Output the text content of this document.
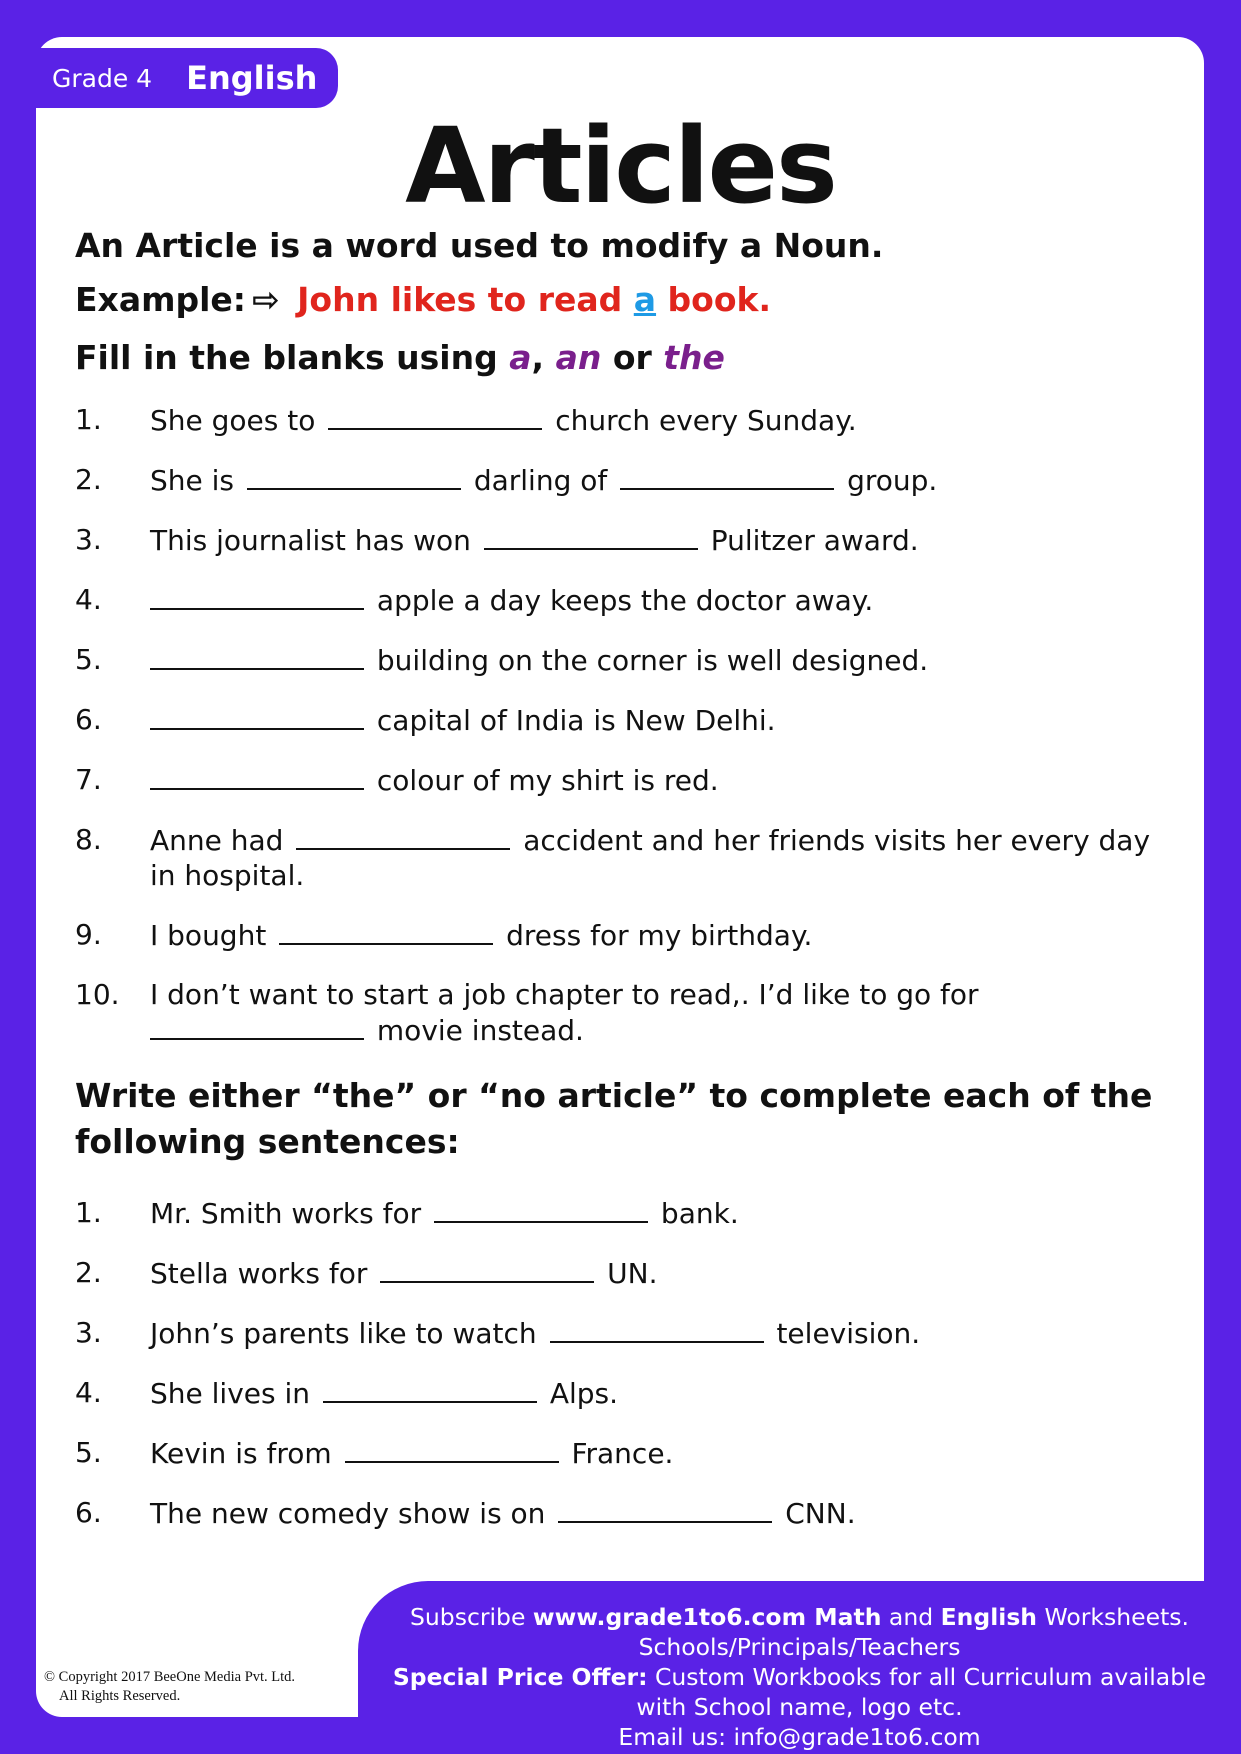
Grade 4 English
Articles
An Article is a word used to modify a Noun.
Example: ⇨ John likes to read a book.
Fill in the blanks using a, an or the
1. She goes to	church every Sunday.
2. She is	darling of	group.
3. This journalist has won	Pulitzer award.
4.	apple a day keeps the doctor away.
5.	building on the corner is well designed.
6.	capital of India is New Delhi.
7.	colour of my shirt is red.
8. Anne had	accident and her friends visits her every day
in hospital.
9. I bought	dress for my birthday.
10. I don’t want to start a job chapter to read,. I’d like to go for
movie instead.
Write either “the” or “no article” to complete each of the following sentences:
1. Mr. Smith works for	bank.
2. Stella works for	UN.
3. John’s parents like to watch	television.
4. She lives in	Alps.
5. Kevin is from	France.
6. The new comedy show is on	CNN.
Subscribe www.grade1to6.com Math and English Worksheets.
Schools/Principals/Teachers
Special Price Offer: Custom Workbooks for all Curriculum available
with School name, logo etc.
Email us: info@grade1to6.com
© Copyright 2017 BeeOne Media Pvt. Ltd.
All Rights Reserved.
